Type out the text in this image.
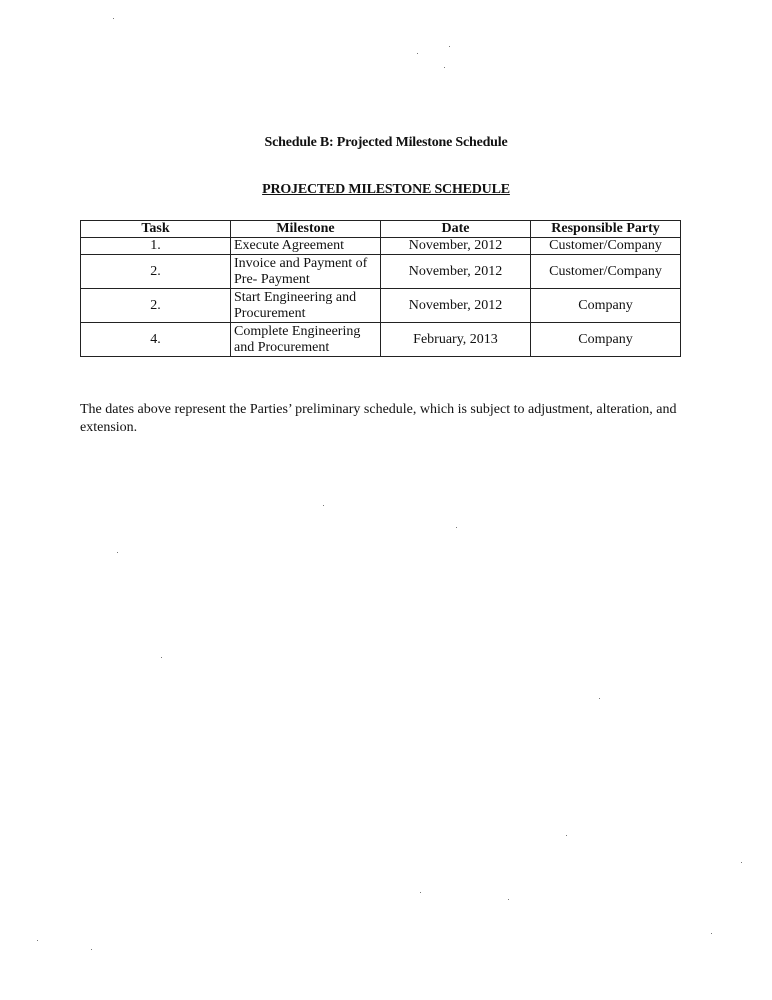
Schedule B: Projected Milestone Schedule
PROJECTED MILESTONE SCHEDULE
Task	Milestone	Date	Responsible Party
1.	Execute Agreement	November, 2012	Customer/Company
2.	Invoice and Payment of Pre- Payment	November, 2012	Customer/Company
2.	Start Engineering and Procurement	November, 2012	Company
4.	Complete Engineering and Procurement	February, 2013	Company
The dates above represent the Parties’ preliminary schedule, which is subject to adjustment, alteration, and extension.
